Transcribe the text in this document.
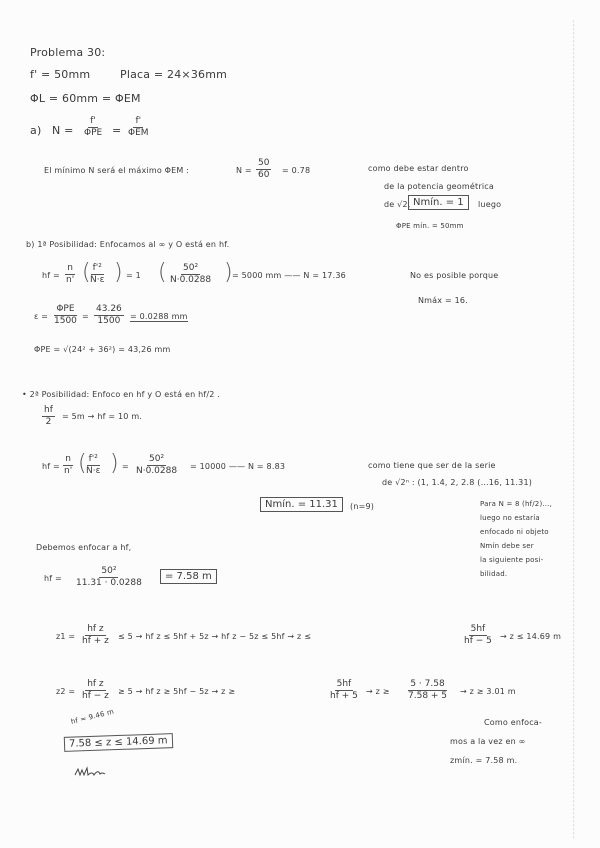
Problema 30:
f' = 50mm	Placa = 24×36mm
ΦL = 60mm = ΦEM
a) N =
f'
ΦPE =
f'
ΦEM
El mínimo N será el máximo ΦEM :	$N = \frac{50}{60} = 0.78$	como debe estar dentro
de la potencia geométrica
de √2, Nmín. = 1	luego
ΦPE mín. = 50mm
b) 1ª Posibilidad: Enfocamos al ∞ y O está en hf.
hf = $\frac{n}{n'}$ (
$\frac{\text{f'²}}{N\cdot\varepsilon}$ ) = 1 ( $\frac{\text{50²}}{N\cdot 0.0288}$ ) = 5000 mm —— N = 17.36	No es posible porque
Nmáx = 16.
ε =
ΦPE
$1500 = \frac{43.26}{1500} = 0.0288$ mm
ΦPE = √(24² + 36²) = 43,26 mm
• 2ª Posibilidad: Enfoco en hf y O está en hf/2 .
$\frac{hf}{2} = 5m$ → hf = 10 m.
hf = $\frac{n}{n'}$ (
$\frac{\text{f'²}}{N\cdot\varepsilon}$ ) = $\frac{\text{50²}}{N\cdot 0.0288} = 10000$ —— N = 8.83	como tiene que ser de la serie
de √2ⁿ : (1, 1.4, 2, 2.8 (…16, 11.31)
Nmín. = 11.31	(n=9)	Para N = 8 (hf/2)…,
luego no estaría
enfocado ni objeto
Nmín debe ser
la siguiente posi-
bilidad.
Debemos enfocar a hf,
hf = $\frac{\text{50²}}{11.31 \cdot 0.0288}$	= 7.58 m
$z1 = \frac{\text{hf z}}{hf + z} \le 5$ → hf z ≤ 5hf + 5z → hf z − 5z ≤ 5hf → z ≤	$\frac{5hf}{hf - 5} \to z \le 14.69$ m
$z2 = \frac{\text{hf z}}{hf - z} \ge 5$ → hf z ≥ 5hf − 5z → z ≥	$\frac{5hf}{hf + 5} \to z \ge \frac{5 \cdot 7.58}{7.58 + 5} \to z \ge 3.01$ m
hf ≈ 9.46 m
7.58 ≤ z ≤ 14.69 m
Como enfoca-
mos a la vez en ∞
zmín. = 7.58 m.
